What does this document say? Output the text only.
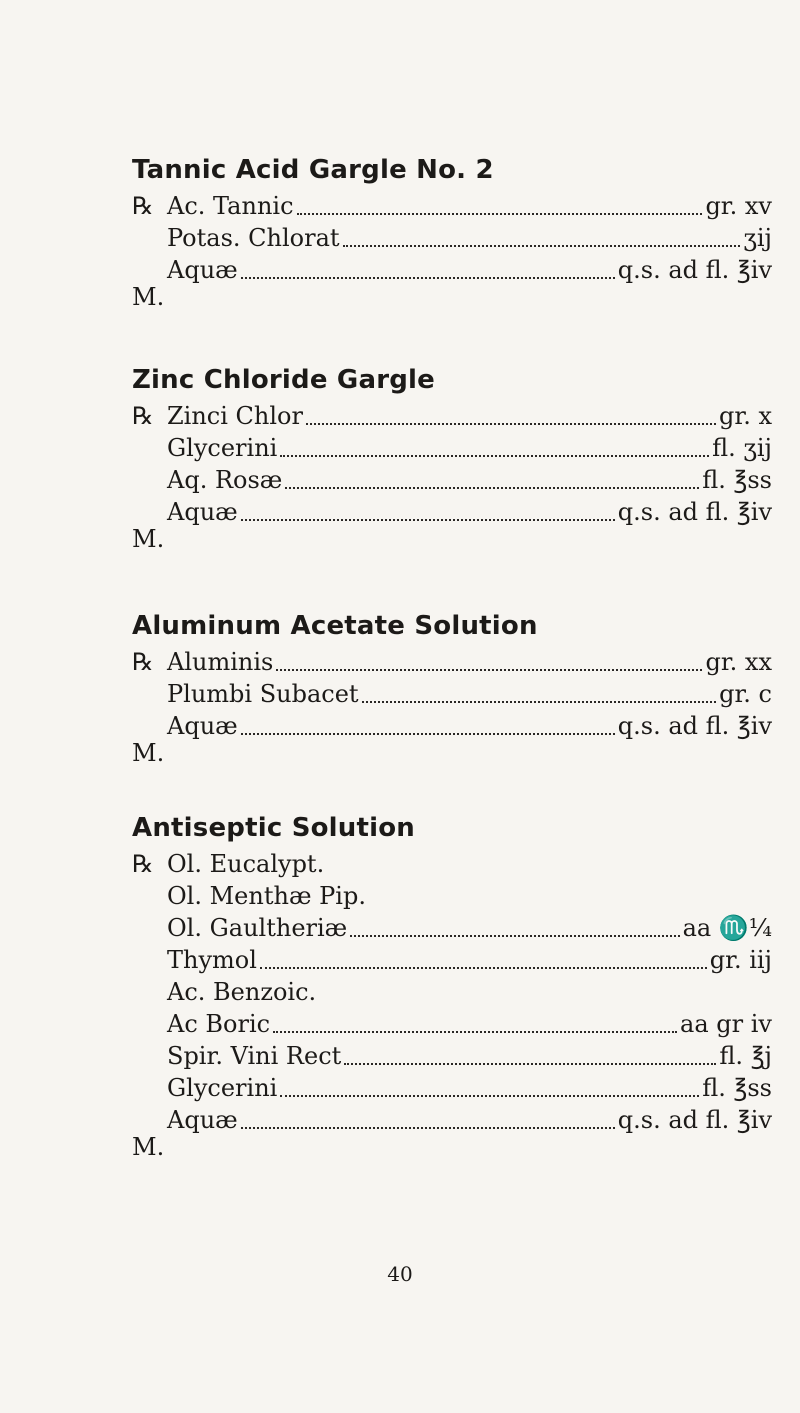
Tannic Acid Gargle No. 2
℞ Ac. Tannic	gr. xv
Potas. Chlorat	ʒij
Aquæ	q.s. ad fl. ℥iv
M.
Zinc Chloride Gargle
℞ Zinci Chlor	gr. x
Glycerini	fl. ʒij
Aq. Rosæ	fl. ℥ss
Aquæ	q.s. ad fl. ℥iv
M.
Aluminum Acetate Solution
℞ Aluminis	gr. xx
Plumbi Subacet	gr. c
Aquæ	q.s. ad fl. ℥iv
M.
Antiseptic Solution
℞ Ol. Eucalypt.
Ol. Menthæ Pip.
Ol. Gaultheriæ	aa ♏¼
Thymol	gr. iij
Ac. Benzoic.
Ac Boric	aa gr iv
Spir. Vini Rect	fl. ℥j
Glycerini	fl. ℥ss
Aquæ	q.s. ad fl. ℥iv
M.
40
